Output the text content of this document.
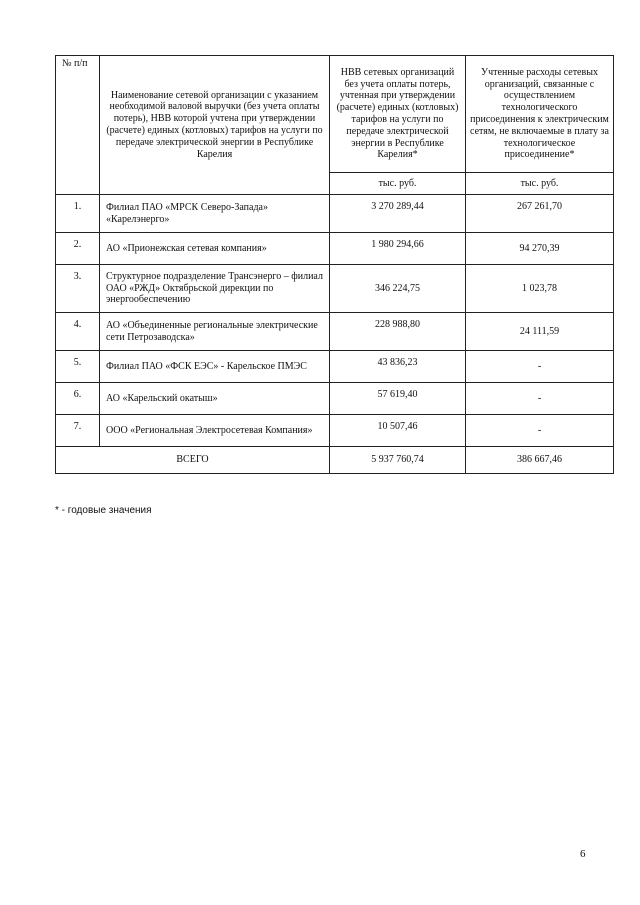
№ п/п	Наименование сетевой организации с указанием необходимой валовой выручки (без учета оплаты потерь), НВВ которой учтена при утверждении (расчете) единых (котловых) тарифов на услуги по передаче электрической энергии в Республике Карелия	НВВ сетевых организаций без учета оплаты потерь, учтенная при утверждении (расчете) единых (котловых) тарифов на услуги по передаче электрической энергии в Республике Карелия*	Учтенные расходы сетевых организаций, связанные с осуществлением технологического присоединения к электрическим сетям, не включаемые в плату за технологическое присоединение*
		тыс. руб.	тыс. руб.
1.	Филиал ПАО «МРСК Северо-Запада» «Карелэнерго»	3 270 289,44	267 261,70
2.	АО «Прионежская сетевая компания»	1 980 294,66	94 270,39
3.	Структурное подразделение Трансэнерго – филиал ОАО «РЖД» Октябрьской дирекции по энергообеспечению	346 224,75	1 023,78
4.	АО «Объединенные региональные электрические сети Петрозаводска»	228 988,80	24 111,59
5.	Филиал ПАО «ФСК ЕЭС» - Карельское ПМЭС	43 836,23	-
6.	АО «Карельский окатыш»	57 619,40	-
7.	ООО «Региональная Электросетевая Компания»	10 507,46	-
ВСЕГО		5 937 760,74	386 667,46
* - годовые значения
6
